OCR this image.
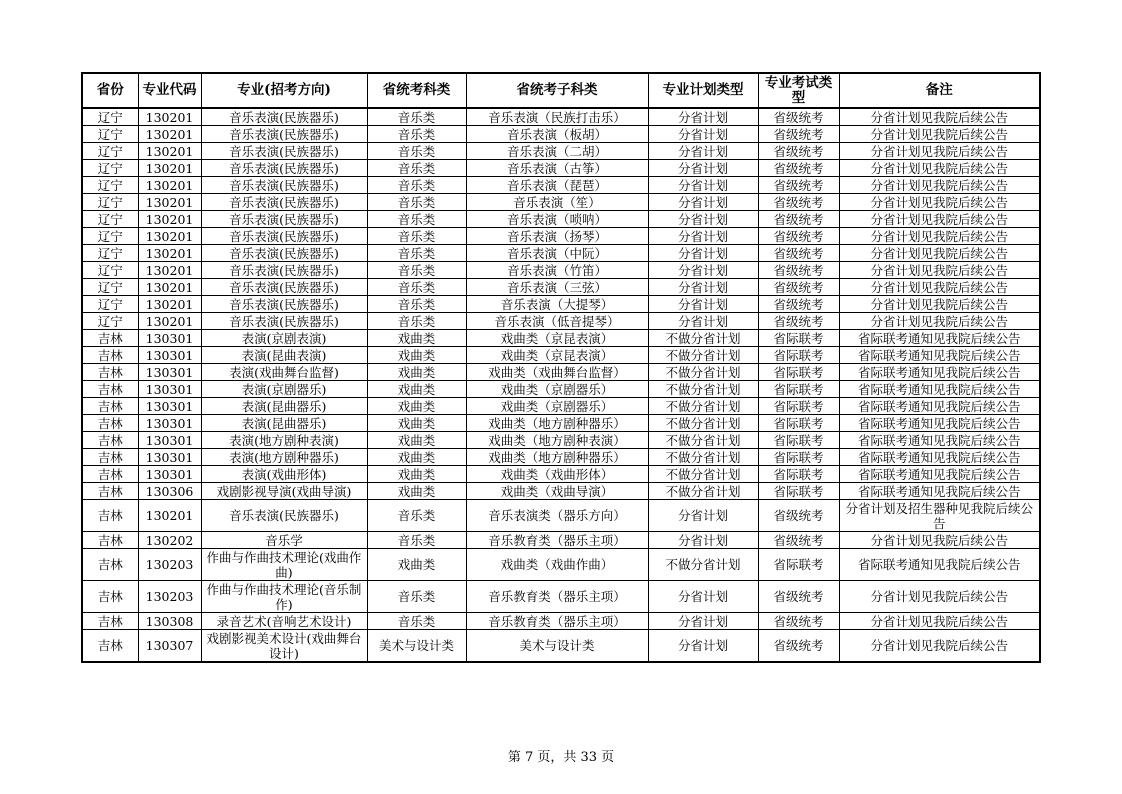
省份	专业代码	专业(招考方向)	省统考科类	省统考子科类	专业计划类型	专业考试类型	备注
辽宁	130201	音乐表演(民族器乐)	音乐类	音乐表演（民族打击乐）	分省计划	省级统考	分省计划见我院后续公告
辽宁	130201	音乐表演(民族器乐)	音乐类	音乐表演（板胡）	分省计划	省级统考	分省计划见我院后续公告
辽宁	130201	音乐表演(民族器乐)	音乐类	音乐表演（二胡）	分省计划	省级统考	分省计划见我院后续公告
辽宁	130201	音乐表演(民族器乐)	音乐类	音乐表演（古筝）	分省计划	省级统考	分省计划见我院后续公告
辽宁	130201	音乐表演(民族器乐)	音乐类	音乐表演（琵琶）	分省计划	省级统考	分省计划见我院后续公告
辽宁	130201	音乐表演(民族器乐)	音乐类	音乐表演（笙）	分省计划	省级统考	分省计划见我院后续公告
辽宁	130201	音乐表演(民族器乐)	音乐类	音乐表演（唢呐）	分省计划	省级统考	分省计划见我院后续公告
辽宁	130201	音乐表演(民族器乐)	音乐类	音乐表演（扬琴）	分省计划	省级统考	分省计划见我院后续公告
辽宁	130201	音乐表演(民族器乐)	音乐类	音乐表演（中阮）	分省计划	省级统考	分省计划见我院后续公告
辽宁	130201	音乐表演(民族器乐)	音乐类	音乐表演（竹笛）	分省计划	省级统考	分省计划见我院后续公告
辽宁	130201	音乐表演(民族器乐)	音乐类	音乐表演（三弦）	分省计划	省级统考	分省计划见我院后续公告
辽宁	130201	音乐表演(民族器乐)	音乐类	音乐表演（大提琴）	分省计划	省级统考	分省计划见我院后续公告
辽宁	130201	音乐表演(民族器乐)	音乐类	音乐表演（低音提琴）	分省计划	省级统考	分省计划见我院后续公告
吉林	130301	表演(京剧表演)	戏曲类	戏曲类（京昆表演）	不做分省计划	省际联考	省际联考通知见我院后续公告
吉林	130301	表演(昆曲表演)	戏曲类	戏曲类（京昆表演）	不做分省计划	省际联考	省际联考通知见我院后续公告
吉林	130301	表演(戏曲舞台监督)	戏曲类	戏曲类（戏曲舞台监督）	不做分省计划	省际联考	省际联考通知见我院后续公告
吉林	130301	表演(京剧器乐)	戏曲类	戏曲类（京剧器乐）	不做分省计划	省际联考	省际联考通知见我院后续公告
吉林	130301	表演(昆曲器乐)	戏曲类	戏曲类（京剧器乐）	不做分省计划	省际联考	省际联考通知见我院后续公告
吉林	130301	表演(昆曲器乐)	戏曲类	戏曲类（地方剧种器乐）	不做分省计划	省际联考	省际联考通知见我院后续公告
吉林	130301	表演(地方剧种表演)	戏曲类	戏曲类（地方剧种表演）	不做分省计划	省际联考	省际联考通知见我院后续公告
吉林	130301	表演(地方剧种器乐)	戏曲类	戏曲类（地方剧种器乐）	不做分省计划	省际联考	省际联考通知见我院后续公告
吉林	130301	表演(戏曲形体)	戏曲类	戏曲类（戏曲形体）	不做分省计划	省际联考	省际联考通知见我院后续公告
吉林	130306	戏剧影视导演(戏曲导演)	戏曲类	戏曲类（戏曲导演）	不做分省计划	省际联考	省际联考通知见我院后续公告
吉林	130201	音乐表演(民族器乐)	音乐类	音乐表演类（器乐方向）	分省计划	省级统考	分省计划及招生器种见我院后续公告
吉林	130202	音乐学	音乐类	音乐教育类（器乐主项）	分省计划	省级统考	分省计划见我院后续公告
吉林	130203	作曲与作曲技术理论(戏曲作曲)	戏曲类	戏曲类（戏曲作曲）	不做分省计划	省际联考	省际联考通知见我院后续公告
吉林	130203	作曲与作曲技术理论(音乐制作)	音乐类	音乐教育类（器乐主项）	分省计划	省级统考	分省计划见我院后续公告
吉林	130308	录音艺术(音响艺术设计)	音乐类	音乐教育类（器乐主项）	分省计划	省级统考	分省计划见我院后续公告
吉林	130307	戏剧影视美术设计(戏曲舞台设计)	美术与设计类	美术与设计类	分省计划	省级统考	分省计划见我院后续公告
第 7 页，共 33 页
